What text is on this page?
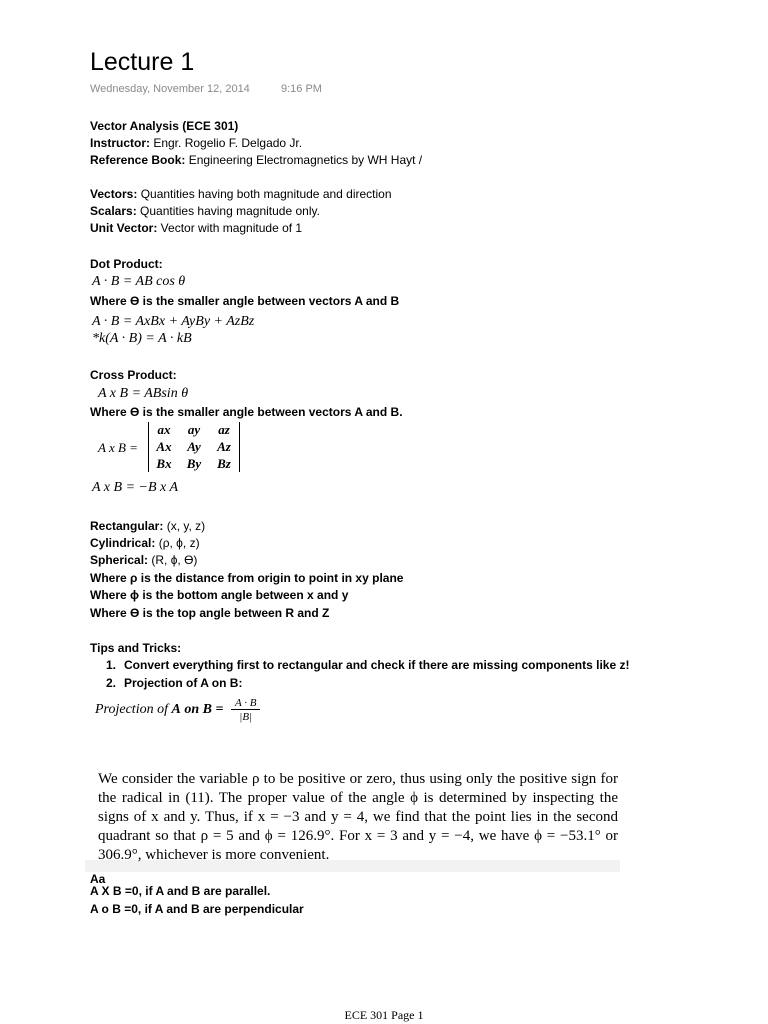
Lecture 1
Wednesday, November 12, 2014	9:16 PM
Vector Analysis (ECE 301)
Instructor: Engr. Rogelio F. Delgado Jr.
Reference Book: Engineering Electromagnetics by WH Hayt /
Vectors: Quantities having both magnitude and direction
Scalars: Quantities having magnitude only.
Unit Vector: Vector with magnitude of 1
Dot Product:
A · B = AB cos θ
Where Ө is the smaller angle between vectors A and B
A · B = AxBx + AyBy + AzBz
*k(A · B) = A · kB
Cross Product:
A x B = ABsin θ
Where Ө is the smaller angle between vectors A and B.
A x B =
ax	ay	az
Ax	Ay	Az
Bx	By	Bz
A x B = −B x A
Rectangular: (x, y, z)
Cylindrical: (ρ, ϕ, z)
Spherical: (R, ϕ, Ө)
Where ρ is the distance from origin to point in xy plane
Where ϕ is the bottom angle between x and y
Where Ө is the top angle between R and Z
Tips and Tricks:
1. Convert everything first to rectangular and check if there are missing components like z!
2. Projection of A on B:
Projection of A on $B = \frac{A \cdot B}{|B|}$
We consider the variable ρ to be positive or zero, thus using only the positive sign for the radical in (11). The proper value of the angle ϕ is determined by inspecting the signs of x and y. Thus, if x = −3 and y = 4, we find that the point lies in the second quadrant so that ρ = 5 and ϕ = 126.9°. For x = 3 and y = −4, we have ϕ = −53.1° or 306.9°, whichever is more convenient.
Aa
A X B =0, if A and B are parallel.
A o B =0, if A and B are perpendicular
ECE 301 Page 1
